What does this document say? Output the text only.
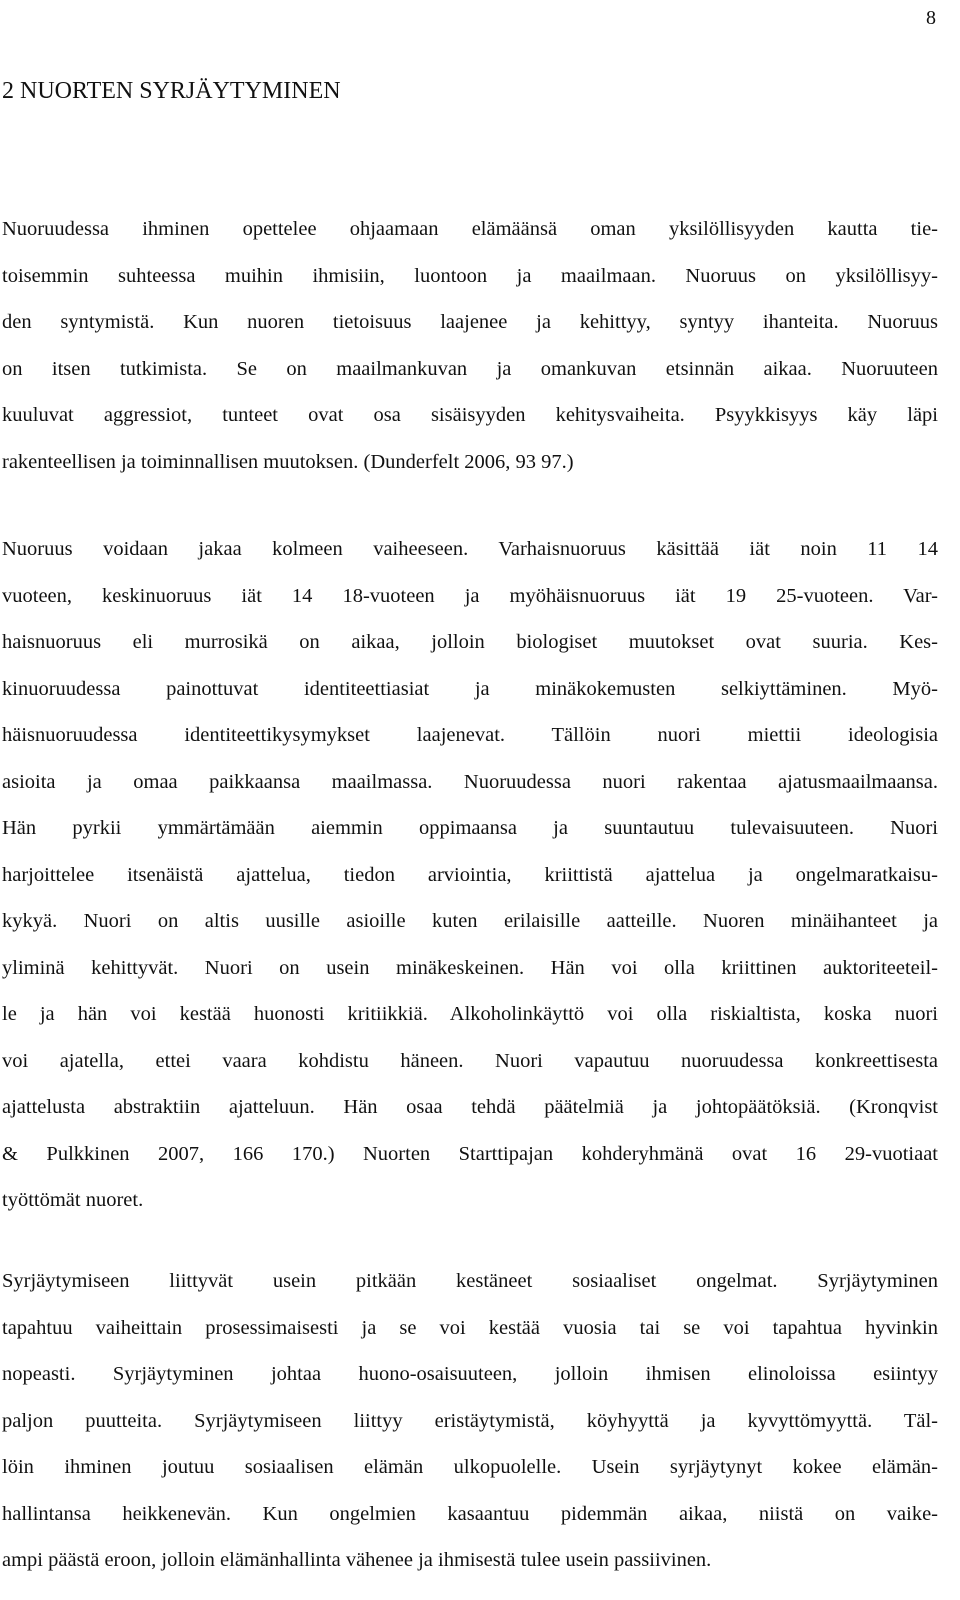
8
2 NUORTEN SYRJÄYTYMINEN
Nuoruudessa ihminen opettelee ohjaamaan elämäänsä oman yksilöllisyyden kautta tie-
toisemmin suhteessa muihin ihmisiin, luontoon ja maailmaan. Nuoruus on yksilöllisyy-
den syntymistä. Kun nuoren tietoisuus laajenee ja kehittyy, syntyy ihanteita. Nuoruus
on itsen tutkimista. Se on maailmankuvan ja omankuvan etsinnän aikaa. Nuoruuteen
kuuluvat aggressiot, tunteet ovat osa sisäisyyden kehitysvaiheita. Psyykkisyys käy läpi
rakenteellisen ja toiminnallisen muutoksen. (Dunderfelt 2006, 93 97.)
Nuoruus voidaan jakaa kolmeen vaiheeseen. Varhaisnuoruus käsittää iät noin 11 14
vuoteen, keskinuoruus iät 14 18-vuoteen ja myöhäisnuoruus iät 19 25-vuoteen. Var-
haisnuoruus eli murrosikä on aikaa, jolloin biologiset muutokset ovat suuria. Kes-
kinuoruudessa painottuvat identiteettiasiat ja minäkokemusten selkiyttäminen. Myö-
häisnuoruudessa identiteettikysymykset laajenevat. Tällöin nuori miettii ideologisia
asioita ja omaa paikkaansa maailmassa. Nuoruudessa nuori rakentaa ajatusmaailmaansa.
Hän pyrkii ymmärtämään aiemmin oppimaansa ja suuntautuu tulevaisuuteen. Nuori
harjoittelee itsenäistä ajattelua, tiedon arviointia, kriittistä ajattelua ja ongelmaratkaisu-
kykyä. Nuori on altis uusille asioille kuten erilaisille aatteille. Nuoren minäihanteet ja
yliminä kehittyvät. Nuori on usein minäkeskeinen. Hän voi olla kriittinen auktoriteeteil-
le ja hän voi kestää huonosti kritiikkiä. Alkoholinkäyttö voi olla riskialtista, koska nuori
voi ajatella, ettei vaara kohdistu häneen. Nuori vapautuu nuoruudessa konkreettisesta
ajattelusta abstraktiin ajatteluun. Hän osaa tehdä päätelmiä ja johtopäätöksiä. (Kronqvist
& Pulkkinen 2007, 166 170.) Nuorten Starttipajan kohderyhmänä ovat 16 29-vuotiaat
työttömät nuoret.
Syrjäytymiseen liittyvät usein pitkään kestäneet sosiaaliset ongelmat. Syrjäytyminen
tapahtuu vaiheittain prosessimaisesti ja se voi kestää vuosia tai se voi tapahtua hyvinkin
nopeasti. Syrjäytyminen johtaa huono-osaisuuteen, jolloin ihmisen elinoloissa esiintyy
paljon puutteita. Syrjäytymiseen liittyy eristäytymistä, köyhyyttä ja kyvyttömyyttä. Täl-
löin ihminen joutuu sosiaalisen elämän ulkopuolelle. Usein syrjäytynyt kokee elämän-
hallintansa heikkenevän. Kun ongelmien kasaantuu pidemmän aikaa, niistä on vaike-
ampi päästä eroon, jolloin elämänhallinta vähenee ja ihmisestä tulee usein passiivinen.
